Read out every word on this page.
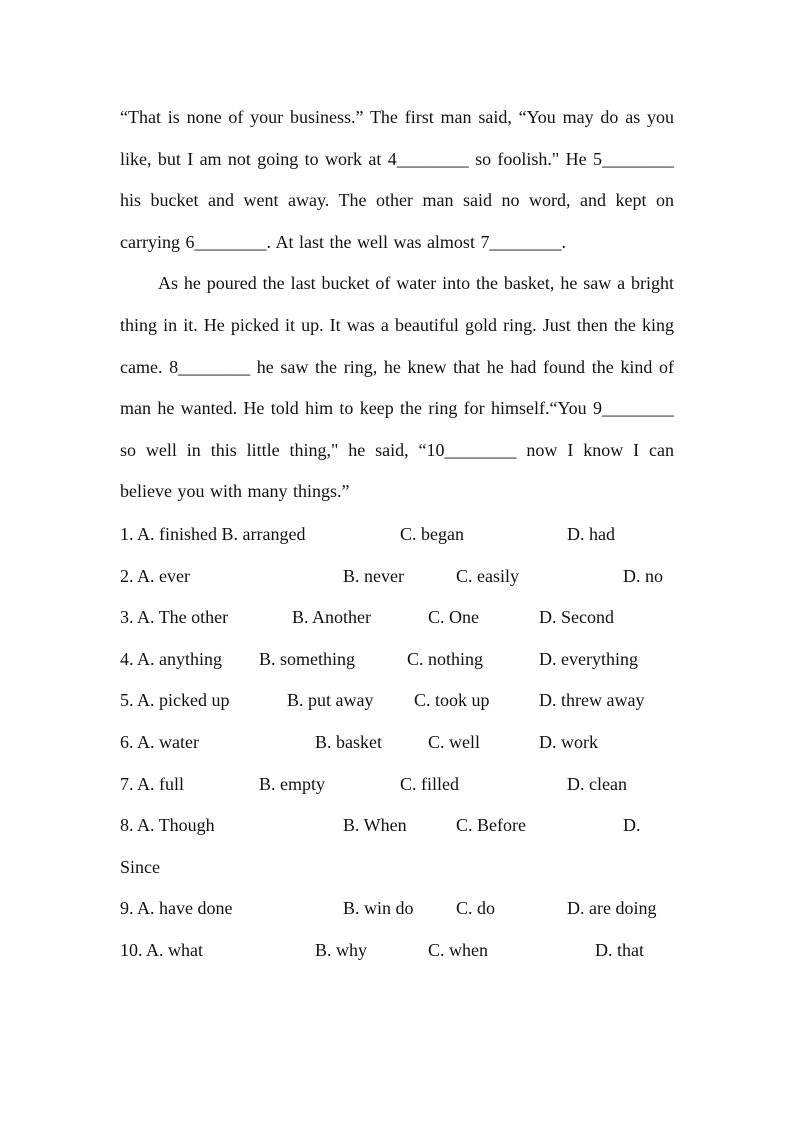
“That is none of your business.” The first man said, “You may do as you like, but I am not going to work at 4________ so foolish." He 5________ his bucket and went away. The other man said no word, and kept on carrying 6________. At last the well was almost 7________.

As he poured the last bucket of water into the basket, he saw a bright thing in it. He picked it up. It was a beautiful gold ring. Just then the king came. 8________ he saw the ring, he knew that he had found the kind of man he wanted. He told him to keep the ring for himself.“You 9________ so well in this little thing," he said, “10________ now I know I can believe you with many things.”

1. A. finished B. arranged	C. began	D. had
2. A. ever	B. never	C. easily	D. no
3. A. The other	B. Another	C. One	D. Second
4. A. anything B. something	C. nothing	D. everything
5. A. picked up	B. put away C. took up	D. threw away
6. A. water	B. basket	C. well	D. work
7. A. full	B. empty	C. filled	D. clean
8. A. Though	B. When	C. Before	D.
Since
9. A. have done	B. win do C. do	D. are doing
10. A. what	B. why	C. when	D. that
